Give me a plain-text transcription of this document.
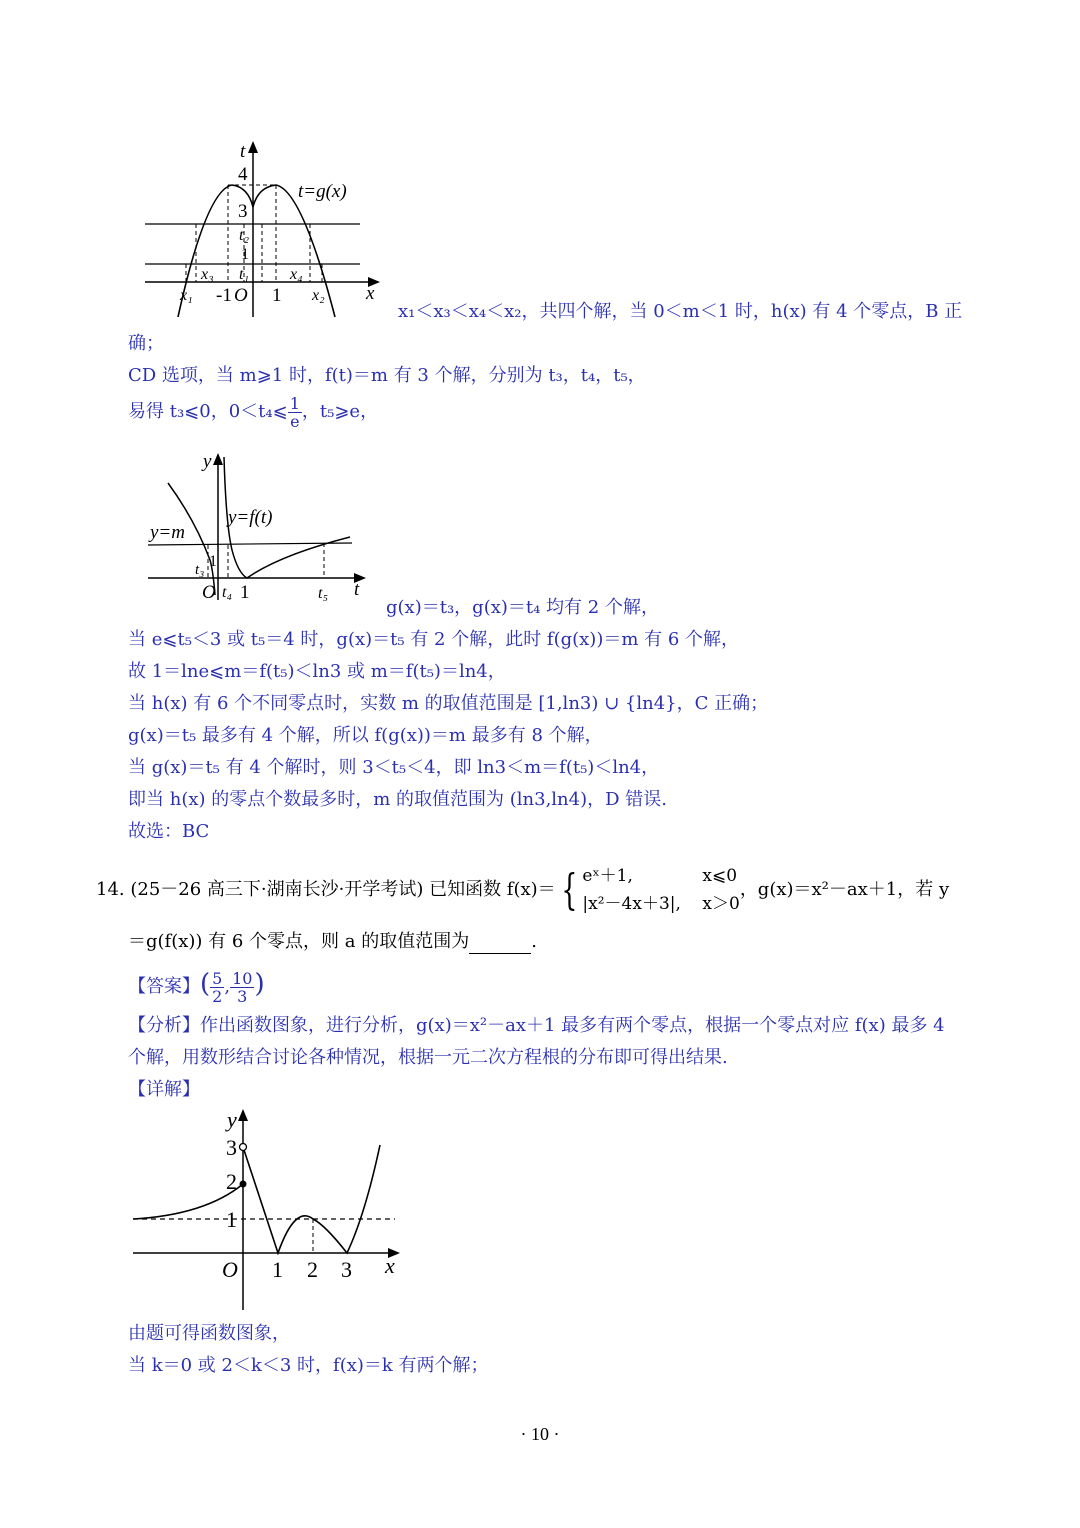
t
x
t=g(x)
4
3
t₂
1
t₁
x₃	x₄
x₁ -1 O 1 x₂
x₁＜x₃＜x₄＜x₂，共四个解，当 0＜m＜1 时，h(x) 有 4 个零点，B 正
确；
CD 选项，当 m⩾1 时，f(t)＝m 有 3 个解，分别为 t₃，t₄，t₅，
易得 t₃⩽0，0＜t₄⩽ $\frac{1}{e}$ ，t₅⩾e，
y
t
y=m
y=f(t)
1
t₃
O t₄ 1	t₅
g(x)＝t₃，g(x)＝t₄ 均有 2 个解，
当 e⩽t₅＜3 或 t₅＝4 时，g(x)＝t₅ 有 2 个解，此时 f(g(x))＝m 有 6 个解，
故 1＝lne⩽m＝f(t₅)＜ln3 或 m＝f(t₅)＝ln4，
当 h(x) 有 6 个不同零点时，实数 m 的取值范围是 [1,ln3) ∪ {ln4}，C 正确；
g(x)＝t₅ 最多有 4 个解，所以 f(g(x))＝m 最多有 8 个解，
当 g(x)＝t₅ 有 4 个解时，则 3＜t₅＜4，即 ln3＜m＝f(t₅)＜ln4，
即当 h(x) 的零点个数最多时，m 的取值范围为 (ln3,ln4)，D 错误.
故选：BC
14. (25－26 高三下·湖南长沙·开学考试) 已知函数 f(x)＝ { eˣ＋1,	x⩽0
|x²－4x＋3|, x＞0
，g(x)＝x²－ax＋1，若 y
＝g(f(x)) 有 6 个零点，则 a 的取值范围为	.
【答案】( $\frac{5}{2}$ , $\frac{10}{3}$ )
【分析】作出函数图象，进行分析，g(x)＝x²－ax＋1 最多有两个零点，根据一个零点对应 f(x) 最多 4
个解，用数形结合讨论各种情况，根据一元二次方程根的分布即可得出结果.
【详解】
y
x
3
2
1
O 1 2 3
由题可得函数图象，
当 k＝0 或 2＜k＜3 时，f(x)＝k 有两个解；
· 10 ·
